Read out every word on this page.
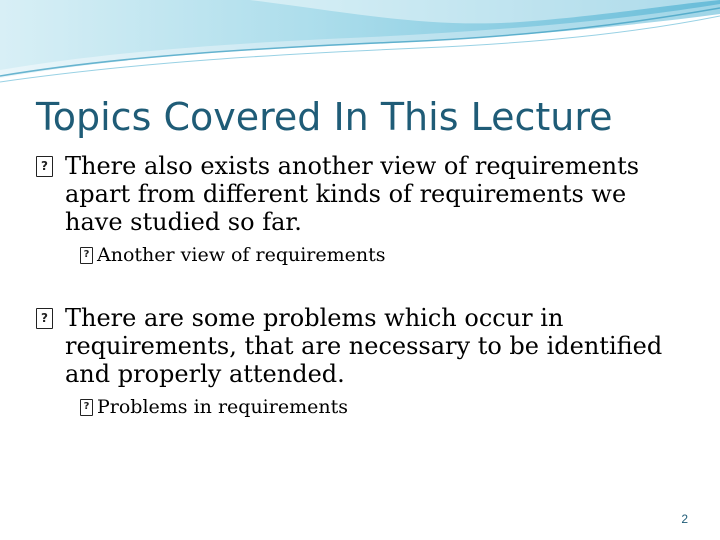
Topics Covered In This Lecture
?
There also exists another view of requirements apart from different kinds of requirements we have studied so far.
?
Another view of requirements
?
There are some problems which occur in requirements, that are necessary to be identified and properly attended.
?
Problems in requirements
2
